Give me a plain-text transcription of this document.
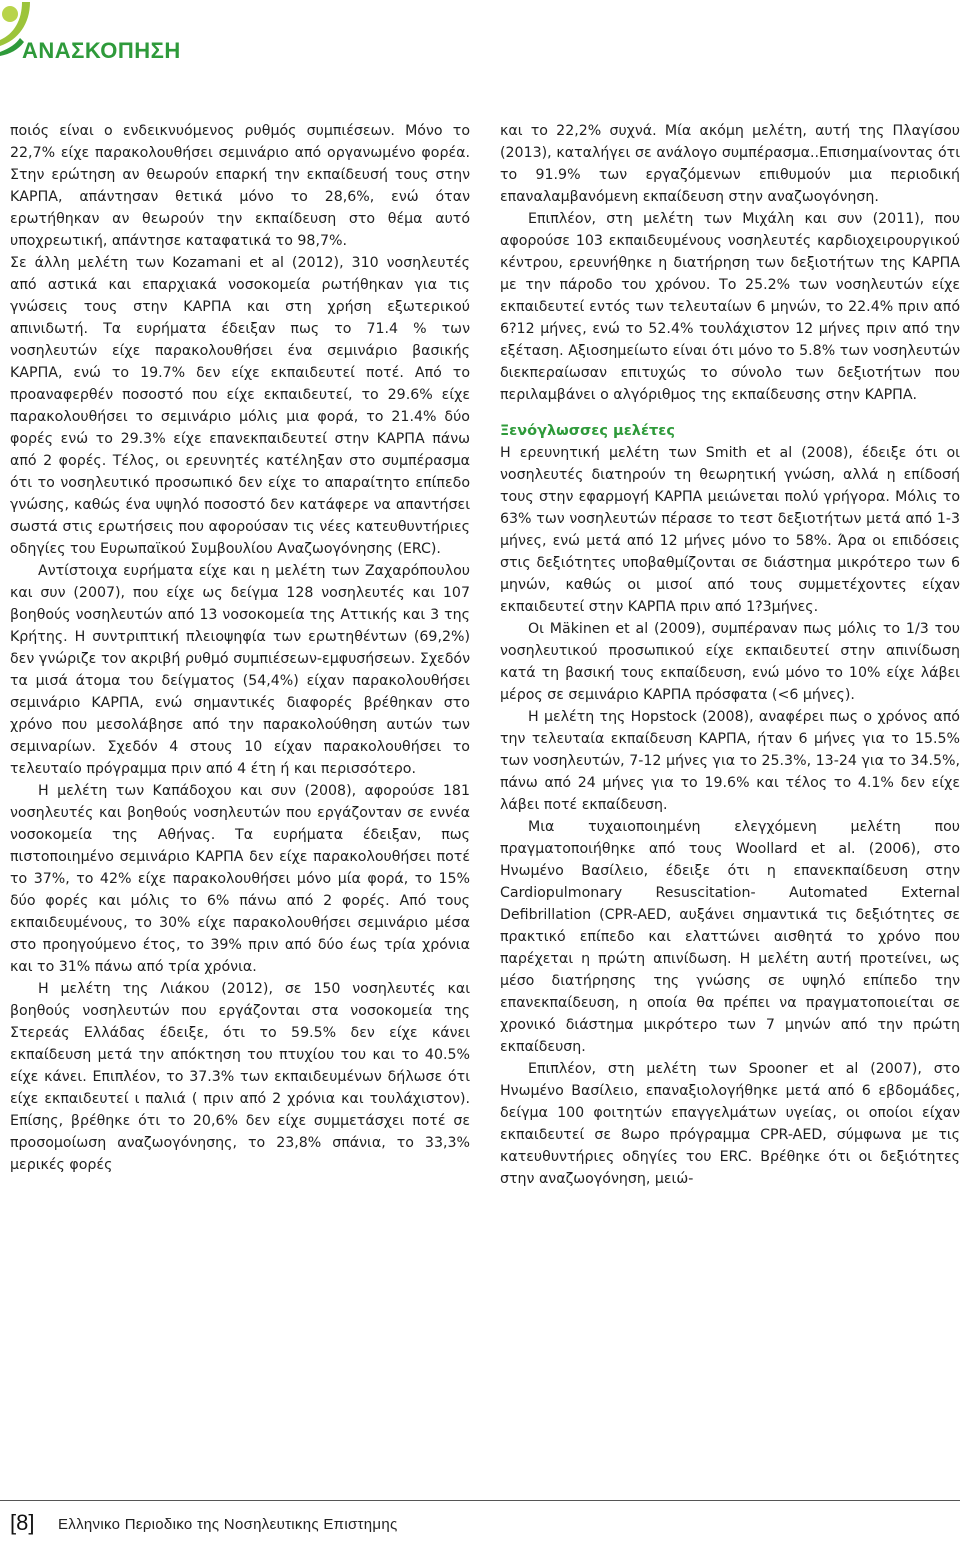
ΑΝΑΣΚΟΠΗΣΗ

ποιός είναι ο ενδεικνυόμενος ρυθμός συμπιέσεων. Μόνο το 22,7% είχε παρακολουθήσει σεμινάριο από οργανωμένο φορέα. Στην ερώτηση αν θεωρούν επαρκή την εκπαίδευσή τους στην ΚΑΡΠΑ, απάντησαν θετικά μόνο το 28,6%, ενώ όταν ερωτήθηκαν αν θεωρούν την εκπαίδευση στο θέμα αυτό υποχρεωτική, απάντησε καταφατικά το 98,7%.

Σε άλλη μελέτη των Kozamani et al (2012), 310 νοσηλευτές από αστικά και επαρχιακά νοσοκομεία ρωτήθηκαν για τις γνώσεις τους στην ΚΑΡΠΑ και στη χρήση εξωτερικού απινιδωτή. Τα ευρήματα έδειξαν πως το 71.4 % των νοσηλευτών είχε παρακολουθήσει ένα σεμινάριο βασικής ΚΑΡΠΑ, ενώ το 19.7% δεν είχε εκπαιδευτεί ποτέ. Από το προαναφερθέν ποσοστό που είχε εκπαιδευτεί, το 29.6% είχε παρακολουθήσει το σεμινάριο μόλις μια φορά, το 21.4% δύο φορές ενώ το 29.3% είχε επανεκπαιδευτεί στην ΚΑΡΠΑ πάνω από 2 φορές. Τέλος, οι ερευνητές κατέληξαν στο συμπέρασμα ότι το νοσηλευτικό προσωπικό δεν είχε το απαραίτητο επίπεδο γνώσης, καθώς ένα υψηλό ποσοστό δεν κατάφερε να απαντήσει σωστά στις ερωτήσεις που αφορούσαν τις νέες κατευθυντήριες οδηγίες του Ευρωπαϊκού Συμβουλίου Αναζωογόνησης (ERC).

Αντίστοιχα ευρήματα είχε και η μελέτη των Ζαχαρόπουλου και συν (2007), που είχε ως δείγμα 128 νοσηλευτές και 107 βοηθούς νοσηλευτών από 13 νοσοκομεία της Αττικής και 3 της Κρήτης. Η συντριπτική πλειοψηφία των ερωτηθέντων (69,2%) δεν γνώριζε τον ακριβή ρυθμό συμπιέσεων-εμφυσήσεων. Σχεδόν τα μισά άτομα του δείγματος (54,4%) είχαν παρακολουθήσει σεμινάριο ΚΑΡΠΑ, ενώ σημαντικές διαφορές βρέθηκαν στο χρόνο που μεσολάβησε από την παρακολούθηση αυτών των σεμιναρίων. Σχεδόν 4 στους 10 είχαν παρακολουθήσει το τελευταίο πρόγραμμα πριν από 4 έτη ή και περισσότερο.

Η μελέτη των Καπάδοχου και συν (2008), αφορούσε 181 νοσηλευτές και βοηθούς νοσηλευτών που εργάζονταν σε εννέα νοσοκομεία της Αθήνας. Τα ευρήματα έδειξαν, πως πιστοποιημένο σεμινάριο ΚΑΡΠΑ δεν είχε παρακολουθήσει ποτέ το 37%, το 42% είχε παρακολουθήσει μόνο μία φορά, το 15% δύο φορές και μόλις το 6% πάνω από 2 φορές. Από τους εκπαιδευμένους, το 30% είχε παρακολουθήσει σεμινάριο μέσα στο προηγούμενο έτος, το 39% πριν από δύο έως τρία χρόνια και το 31% πάνω από τρία χρόνια.

Η μελέτη της Λιάκου (2012), σε 150 νοσηλευτές και βοηθούς νοσηλευτών που εργάζονται στα νοσοκομεία της Στερεάς Ελλάδας έδειξε, ότι το 59.5% δεν είχε κάνει εκπαίδευση μετά την απόκτηση του πτυχίου του και το 40.5% είχε κάνει. Επιπλέον, το 37.3% των εκπαιδευμένων δήλωσε ότι είχε εκπαιδευτεί ι παλιά ( πριν από 2 χρόνια και τουλάχιστον). Επίσης, βρέθηκε ότι το 20,6% δεν είχε συμμετάσχει ποτέ σε προσομοίωση αναζωογόνησης, το 23,8% σπάνια, το 33,3% μερικές φορές

και το 22,2% συχνά. Μία ακόμη μελέτη, αυτή της Πλαγίσου (2013), καταλήγει σε ανάλογο συμπέρασμα..Επισημαίνοντας ότι το 91.9% των εργαζόμενων επιθυμούν μια περιοδική επαναλαμβανόμενη εκπαίδευση στην αναζωογόνηση.

Επιπλέον, στη μελέτη των Μιχάλη και συν (2011), που αφορούσε 103 εκπαιδευμένους νοσηλευτές καρδιοχειρουργικού κέντρου, ερευνήθηκε η διατήρηση των δεξιοτήτων της ΚΑΡΠΑ με την πάροδο του χρόνου. Το 25.2% των νοσηλευτών είχε εκπαιδευτεί εντός των τελευταίων 6 μηνών, το 22.4% πριν από 6?12 μήνες, ενώ το 52.4% τουλάχιστον 12 μήνες πριν από την εξέταση. Αξιοσημείωτο είναι ότι μόνο το 5.8% των νοσηλευτών διεκπεραίωσαν επιτυχώς το σύνολο των δεξιοτήτων που περιλαμβάνει ο αλγόριθμος της εκπαίδευσης στην ΚΑΡΠΑ.

Ξενόγλωσσες μελέτες

Η ερευνητική μελέτη των Smith et al (2008), έδειξε ότι οι νοσηλευτές διατηρούν τη θεωρητική γνώση, αλλά η επίδοσή τους στην εφαρμογή ΚΑΡΠΑ μειώνεται πολύ γρήγορα. Μόλις το 63% των νοσηλευτών πέρασε το τεστ δεξιοτήτων μετά από 1-3 μήνες, ενώ μετά από 12 μήνες μόνο το 58%. Άρα οι επιδόσεις στις δεξιότητες υποβαθμίζονται σε διάστημα μικρότερο των 6 μηνών, καθώς οι μισοί από τους συμμετέχοντες είχαν εκπαιδευτεί στην ΚΑΡΠΑ πριν από 1?3μήνες.

Οι Mäkinen et al (2009), συμπέραναν πως μόλις το 1/3 του νοσηλευτικού προσωπικού είχε εκπαιδευτεί στην απινίδωση κατά τη βασική τους εκπαίδευση, ενώ μόνο το 10% είχε λάβει μέρος σε σεμινάριο ΚΑΡΠΑ πρόσφατα (<6 μήνες).

Η μελέτη της Hopstock (2008), αναφέρει πως ο χρόνος από την τελευταία εκπαίδευση ΚΑΡΠΑ, ήταν 6 μήνες για το 15.5% των νοσηλευτών, 7-12 μήνες για το 25.3%, 13-24 για το 34.5%, πάνω από 24 μήνες για το 19.6% και τέλος το 4.1% δεν είχε λάβει ποτέ εκπαίδευση.

Μια τυχαιοποιημένη ελεγχόμενη μελέτη που πραγματοποιήθηκε από τους Woollard et al. (2006), στο Ηνωμένο Βασίλειο, έδειξε ότι η επανεκπαίδευση στην Cardiopulmonary Resuscitation- Automated External Defibrillation (CPR-AED, αυξάνει σημαντικά τις δεξιότητες σε πρακτικό επίπεδο και ελαττώνει αισθητά το χρόνο που παρέχεται η πρώτη απινίδωση. Η μελέτη αυτή προτείνει, ως μέσο διατήρησης της γνώσης σε υψηλό επίπεδο την επανεκπαίδευση, η οποία θα πρέπει να πραγματοποιείται σε χρονικό διάστημα μικρότερο των 7 μηνών από την πρώτη εκπαίδευση.

Επιπλέον, στη μελέτη των Spooner et al (2007), στο Ηνωμένο Βασίλειο, επαναξιολογήθηκε μετά από 6 εβδομάδες, δείγμα 100 φοιτητών επαγγελμάτων υγείας, οι οποίοι είχαν εκπαιδευτεί σε 8ωρο πρόγραμμα CPR-AED, σύμφωνα με τις κατευθυντήριες οδηγίες του ERC. Βρέθηκε ότι οι δεξιότητες στην αναζωογόνηση, μειώ-

[8] Ελληνικο Περιοδικο της Νοσηλευτικης Επιστημης
